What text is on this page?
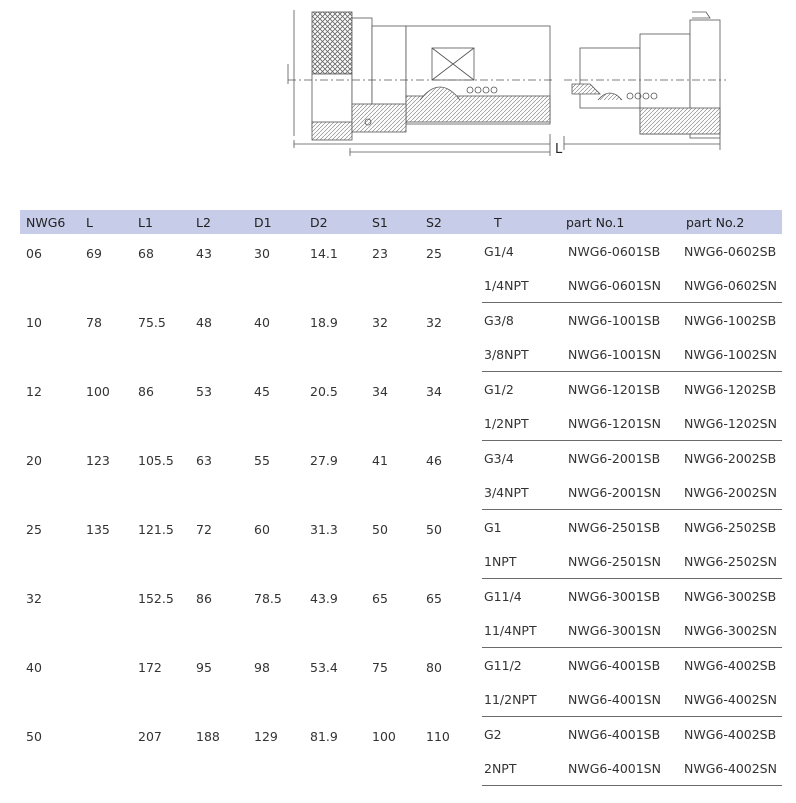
L
NWG6	L	L1	L2	D1	D2	S1	S2	T	part No.1	part No.2
06	69	68	43	30	14.1	23	25	G1/4	NWG6-0601SB	NWG6-0602SB
								1/4NPT	NWG6-0601SN	NWG6-0602SN
10	78	75.5	48	40	18.9	32	32	G3/8	NWG6-1001SB	NWG6-1002SB
								3/8NPT	NWG6-1001SN	NWG6-1002SN
12	100	86	53	45	20.5	34	34	G1/2	NWG6-1201SB	NWG6-1202SB
								1/2NPT	NWG6-1201SN	NWG6-1202SN
20	123	105.5	63	55	27.9	41	46	G3/4	NWG6-2001SB	NWG6-2002SB
								3/4NPT	NWG6-2001SN	NWG6-2002SN
25	135	121.5	72	60	31.3	50	50	G1	NWG6-2501SB	NWG6-2502SB
								1NPT	NWG6-2501SN	NWG6-2502SN
32		152.5	86	78.5	43.9	65	65	G11/4	NWG6-3001SB	NWG6-3002SB
								11/4NPT	NWG6-3001SN	NWG6-3002SN
40		172	95	98	53.4	75	80	G11/2	NWG6-4001SB	NWG6-4002SB
								11/2NPT	NWG6-4001SN	NWG6-4002SN
50		207	188	129	81.9	100	110	G2	NWG6-4001SB	NWG6-4002SB
								2NPT	NWG6-4001SN	NWG6-4002SN
